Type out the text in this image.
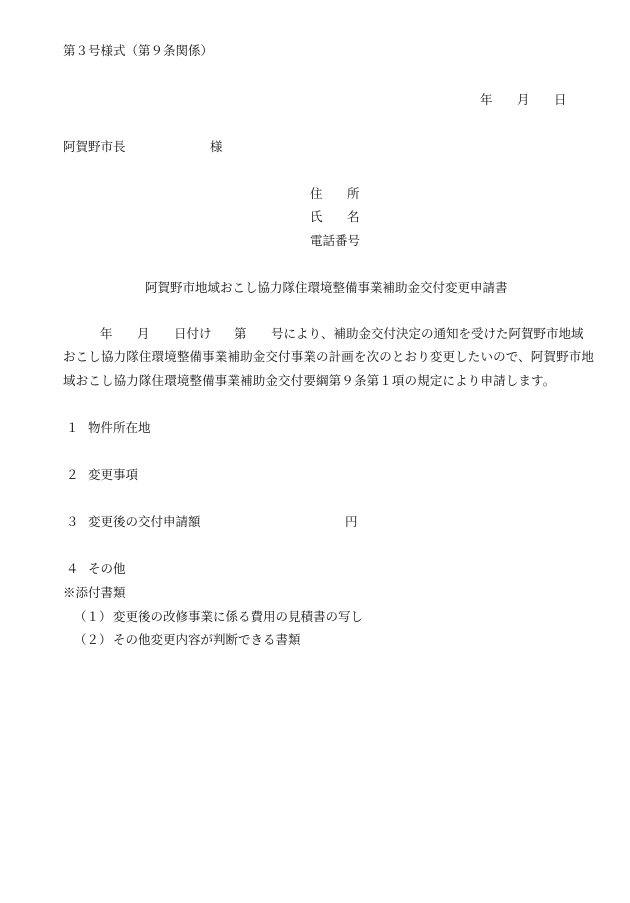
第３号様式（第９条関係）
年 月 日
阿賀野市長	様
住 所
氏 名
電話番号
阿賀野市地域おこし協力隊住環境整備事業補助金交付変更申請書
年 月 日付け 第 号により、補助金交付決定の通知を受けた阿賀野市地域
おこし協力隊住環境整備事業補助金交付事業の計画を次のとおり変更したいので、阿賀野市地
域おこし協力隊住環境整備事業補助金交付要綱第９条第１項の規定により申請します。
１ 物件所在地
２ 変更事項
３ 変更後の交付申請額	円
４ その他
※添付書類
（１） 変更後の改修事業に係る費用の見積書の写し
（２） その他変更内容が判断できる書類
